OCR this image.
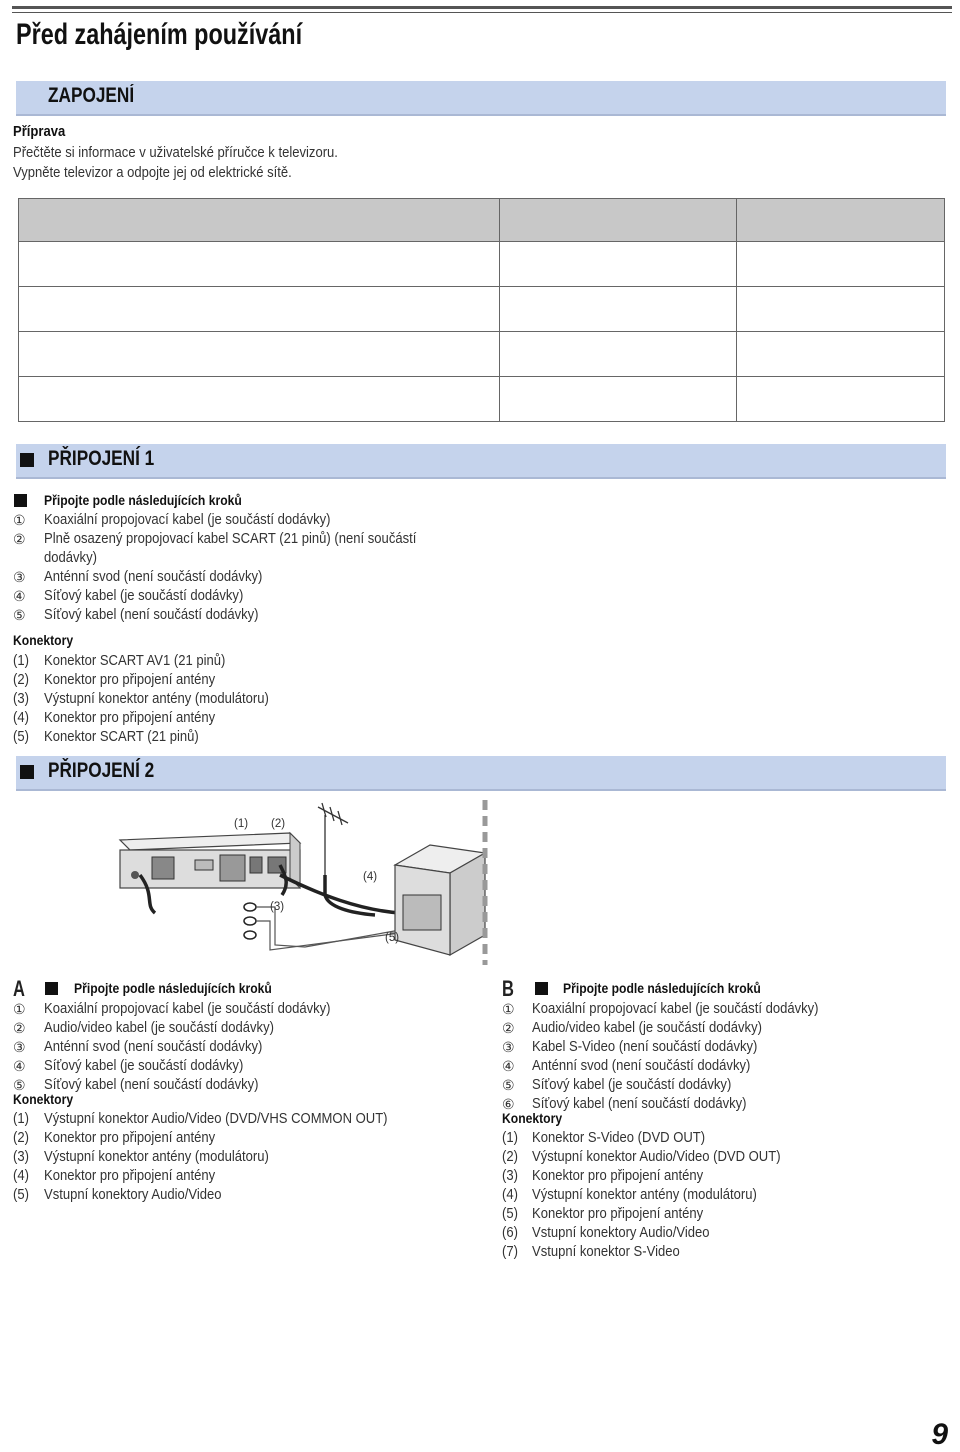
Před zahájením používání
ZAPOJENÍ
Příprava
Přečtěte si informace v uživatelské příručce k televizoru.
Vypněte televizor a odpojte jej od elektrické sítě.

PŘIPOJENÍ 1
Připojte podle následujících kroků
① Koaxiální propojovací kabel (je součástí dodávky)
② Plně osazený propojovací kabel SCART (21 pinů) (není součástí
dodávky)
③ Anténní svod (není součástí dodávky)
④ Síťový kabel (je součástí dodávky)
⑤ Síťový kabel (není součástí dodávky)
Konektory
(1) Konektor SCART AV1 (21 pinů)
(2) Konektor pro připojení antény
(3) Výstupní konektor antény (modulátoru)
(4) Konektor pro připojení antény
(5) Konektor SCART (21 pinů)
PŘIPOJENÍ 2
(1) (2)
(3)
(4)
(5)
A	Připojte podle následujících kroků
① Koaxiální propojovací kabel (je součástí dodávky)
② Audio/video kabel (je součástí dodávky)
③ Anténní svod (není součástí dodávky)
④ Síťový kabel (je součástí dodávky)
⑤ Síťový kabel (není součástí dodávky)
Konektory
(1) Výstupní konektor Audio/Video (DVD/VHS COMMON OUT)
(2) Konektor pro připojení antény
(3) Výstupní konektor antény (modulátoru)
(4) Konektor pro připojení antény
(5) Vstupní konektory Audio/Video
B	Připojte podle následujících kroků
① Koaxiální propojovací kabel (je součástí dodávky)
② Audio/video kabel (je součástí dodávky)
③ Kabel S-Video (není součástí dodávky)
④ Anténní svod (není součástí dodávky)
⑤ Síťový kabel (je součástí dodávky)
⑥ Síťový kabel (není součástí dodávky)
Konektory
(1) Konektor S-Video (DVD OUT)
(2) Výstupní konektor Audio/Video (DVD OUT)
(3) Konektor pro připojení antény
(4) Výstupní konektor antény (modulátoru)
(5) Konektor pro připojení antény
(6) Vstupní konektory Audio/Video
(7) Vstupní konektor S-Video
9
